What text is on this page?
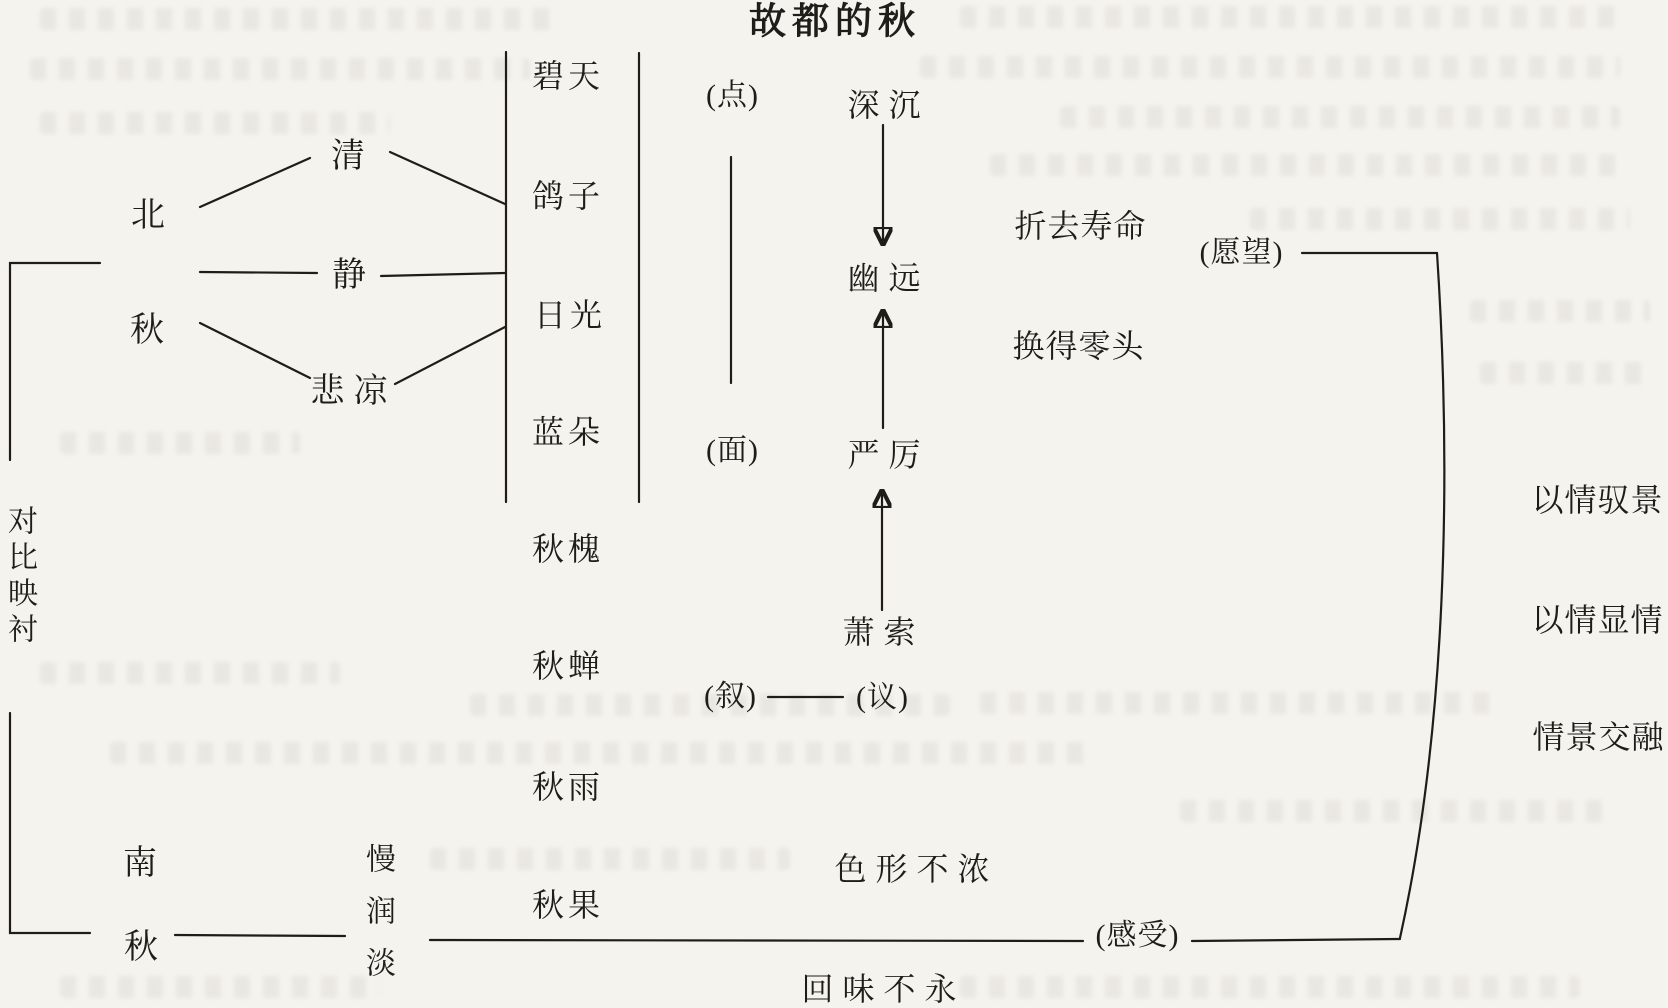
故都的秋
北
秋
清
静
悲凉
对比映衬
碧天
鸽子
日光
蓝朵
秋槐
秋蝉
秋雨
秋果
(点)
(面)
深沉
幽远
严厉
萧索
(叙)	(议)
折去寿命
换得零头
(愿望)
以情驭景
以情显情
情景交融
南
秋	慢润淡	色形不浓
(感受)
回味不永
